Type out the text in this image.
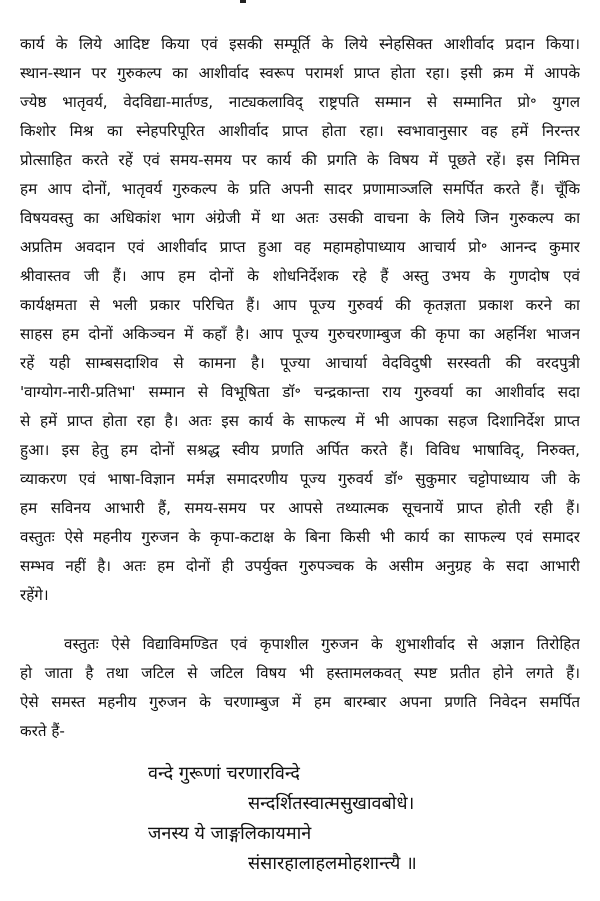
कार्य के लिये आदिष्ट किया एवं इसकी सम्पूर्ति के लिये स्नेहसिक्त आशीर्वाद प्रदान किया।
स्थान-स्थान पर गुरुकल्प का आशीर्वाद स्वरूप परामर्श प्राप्त होता रहा। इसी क्रम में आपके
ज्येष्ठ भातृवर्य, वेदविद्या-मार्तण्ड, नाट्यकलाविद् राष्ट्रपति सम्मान से सम्मानित प्रो॰ युगल
किशोर मिश्र का स्नेहपरिपूरित आशीर्वाद प्राप्त होता रहा। स्वभावानुसार वह हमें निरन्तर
प्रोत्साहित करते रहें एवं समय-समय पर कार्य की प्रगति के विषय में पूछते रहें। इस निमित्त
हम आप दोनों, भातृवर्य गुरुकल्प के प्रति अपनी सादर प्रणामाञ्जलि समर्पित करते हैं। चूँकि
विषयवस्तु का अधिकांश भाग अंग्रेजी में था अतः उसकी वाचना के लिये जिन गुरुकल्प का
अप्रतिम अवदान एवं आशीर्वाद प्राप्त हुआ वह महामहोपाध्याय आचार्य प्रो॰ आनन्द कुमार
श्रीवास्तव जी हैं। आप हम दोनों के शोधनिर्देशक रहे हैं अस्तु उभय के गुणदोष एवं
कार्यक्षमता से भली प्रकार परिचित हैं। आप पूज्य गुरुवर्य की कृतज्ञता प्रकाश करने का
साहस हम दोनों अकिञ्चन में कहाँ है। आप पूज्य गुरुचरणाम्बुज की कृपा का अहर्निश भाजन
रहें यही साम्बसदाशिव से कामना है। पूज्या आचार्या वेदविदुषी सरस्वती की वरदपुत्री
'वाग्योग-नारी-प्रतिभा' सम्मान से विभूषिता डॉ॰ चन्द्रकान्ता राय गुरुवर्या का आशीर्वाद सदा
से हमें प्राप्त होता रहा है। अतः इस कार्य के साफल्य में भी आपका सहज दिशानिर्देश प्राप्त
हुआ। इस हेतु हम दोनों सश्रद्ध स्वीय प्रणति अर्पित करते हैं। विविध भाषाविद्, निरुक्त,
व्याकरण एवं भाषा-विज्ञान मर्मज्ञ समादरणीय पूज्य गुरुवर्य डॉ॰ सुकुमार चट्टोपाध्याय जी के
हम सविनय आभारी हैं, समय-समय पर आपसे तथ्यात्मक सूचनायें प्राप्त होती रही हैं।
वस्तुतः ऐसे महनीय गुरुजन के कृपा-कटाक्ष के बिना किसी भी कार्य का साफल्य एवं समादर
सम्भव नहीं है। अतः हम दोनों ही उपर्युक्त गुरुपञ्चक के असीम अनुग्रह के सदा आभारी
रहेंगे।
वस्तुतः ऐसे विद्याविमण्डित एवं कृपाशील गुरुजन के शुभाशीर्वाद से अज्ञान तिरोहित
हो जाता है तथा जटिल से जटिल विषय भी हस्तामलकवत् स्पष्ट प्रतीत होने लगते हैं।
ऐसे समस्त महनीय गुरुजन के चरणाम्बुज में हम बारम्बार अपना प्रणति निवेदन समर्पित
करते हैं-
वन्दे गुरूणां चरणारविन्दे
सन्दर्शितस्वात्मसुखावबोधे।
जनस्य ये जाङ्गलिकायमाने
संसारहालाहलमोहशान्त्यै ॥
